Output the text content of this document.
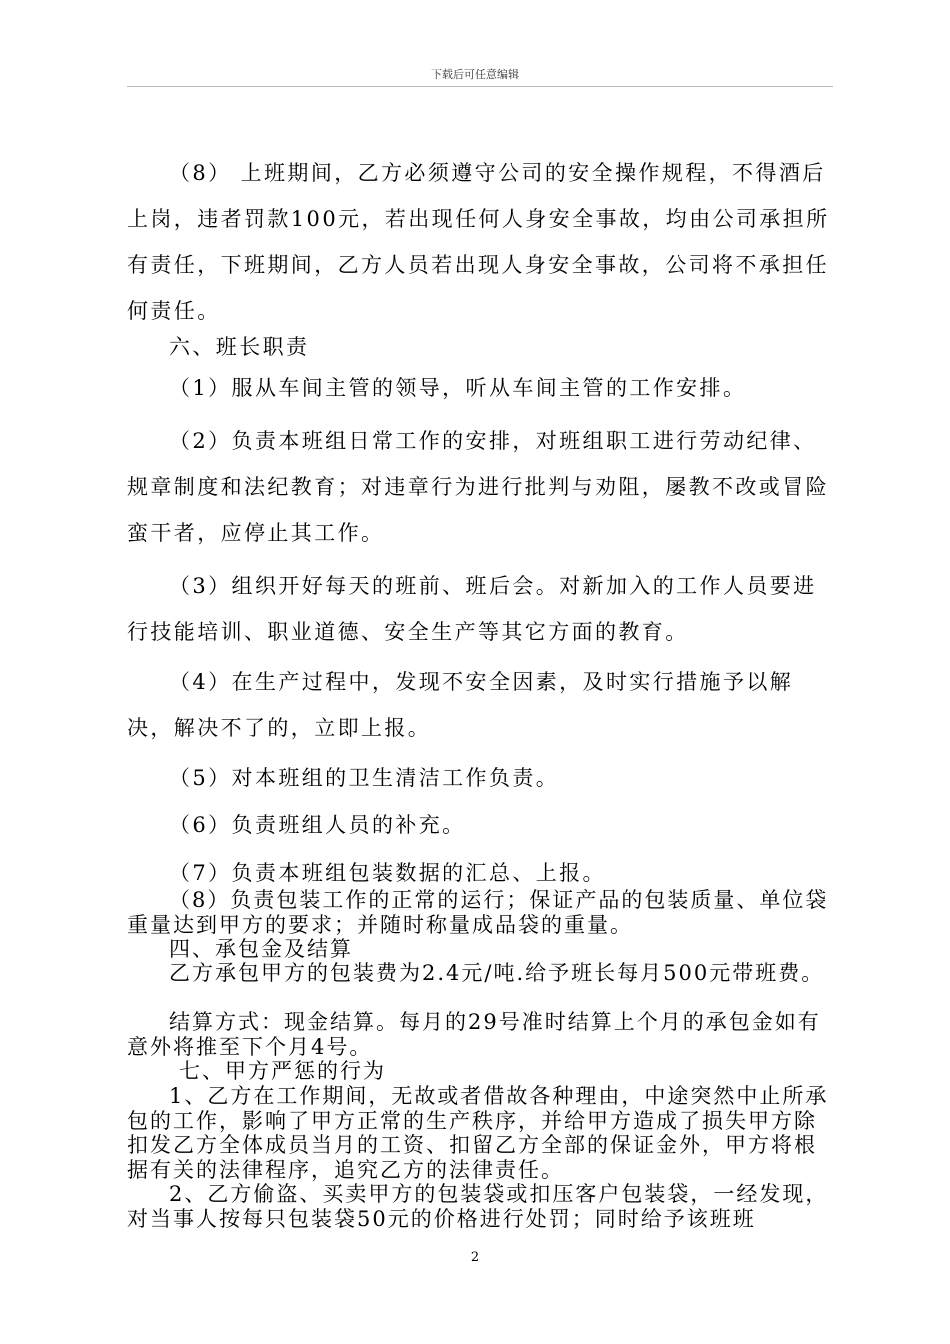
下载后可任意编辑

（8） 上班期间，乙方必须遵守公司的安全操作规程，不得酒后上岗，违者罚款100元，若出现任何人身安全事故，均由公司承担所有责任，下班期间，乙方人员若出现人身安全事故，公司将不承担任何责任。

六、班长职责

（1）服从车间主管的领导，听从车间主管的工作安排。

（2）负责本班组日常工作的安排，对班组职工进行劳动纪律、规章制度和法纪教育；对违章行为进行批判与劝阻，屡教不改或冒险蛮干者，应停止其工作。

（3）组织开好每天的班前、班后会。对新加入的工作人员要进行技能培训、职业道德、安全生产等其它方面的教育。

（4）在生产过程中，发现不安全因素，及时实行措施予以解决，解决不了的，立即上报。

（5）对本班组的卫生清洁工作负责。

（6）负责班组人员的补充。

（7）负责本班组包装数据的汇总、上报。

（8）负责包装工作的正常的运行；保证产品的包装质量、单位袋重量达到甲方的要求；并随时称量成品袋的重量。

四、承包金及结算

乙方承包甲方的包装费为2.4元/吨.给予班长每月500元带班费。

结算方式：现金结算。每月的29号准时结算上个月的承包金如有意外将推至下个月4号。

七、甲方严惩的行为

1、乙方在工作期间，无故或者借故各种理由，中途突然中止所承包的工作，影响了甲方正常的生产秩序，并给甲方造成了损失甲方除扣发乙方全体成员当月的工资、扣留乙方全部的保证金外，甲方将根据有关的法律程序，追究乙方的法律责任。

2、乙方偷盗、买卖甲方的包装袋或扣压客户包装袋，一经发现，对当事人按每只包装袋50元的价格进行处罚；同时给予该班班

2
